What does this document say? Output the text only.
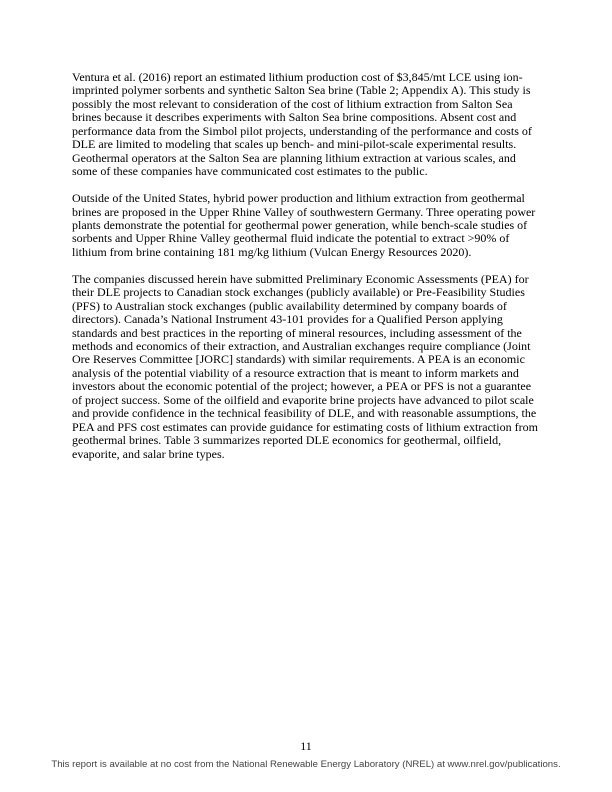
Ventura et al. (2016) report an estimated lithium production cost of $3,845/mt LCE using ion-
imprinted polymer sorbents and synthetic Salton Sea brine (Table 2; Appendix A). This study is
possibly the most relevant to consideration of the cost of lithium extraction from Salton Sea
brines because it describes experiments with Salton Sea brine compositions. Absent cost and
performance data from the Simbol pilot projects, understanding of the performance and costs of
DLE are limited to modeling that scales up bench- and mini-pilot-scale experimental results.
Geothermal operators at the Salton Sea are planning lithium extraction at various scales, and
some of these companies have communicated cost estimates to the public.

Outside of the United States, hybrid power production and lithium extraction from geothermal
brines are proposed in the Upper Rhine Valley of southwestern Germany. Three operating power
plants demonstrate the potential for geothermal power generation, while bench-scale studies of
sorbents and Upper Rhine Valley geothermal fluid indicate the potential to extract >90% of
lithium from brine containing 181 mg/kg lithium (Vulcan Energy Resources 2020).

The companies discussed herein have submitted Preliminary Economic Assessments (PEA) for
their DLE projects to Canadian stock exchanges (publicly available) or Pre-Feasibility Studies
(PFS) to Australian stock exchanges (public availability determined by company boards of
directors). Canada’s National Instrument 43-101 provides for a Qualified Person applying
standards and best practices in the reporting of mineral resources, including assessment of the
methods and economics of their extraction, and Australian exchanges require compliance (Joint
Ore Reserves Committee [JORC] standards) with similar requirements. A PEA is an economic
analysis of the potential viability of a resource extraction that is meant to inform markets and
investors about the economic potential of the project; however, a PEA or PFS is not a guarantee
of project success. Some of the oilfield and evaporite brine projects have advanced to pilot scale
and provide confidence in the technical feasibility of DLE, and with reasonable assumptions, the
PEA and PFS cost estimates can provide guidance for estimating costs of lithium extraction from
geothermal brines. Table 3 summarizes reported DLE economics for geothermal, oilfield,
evaporite, and salar brine types.

11
This report is available at no cost from the National Renewable Energy Laboratory (NREL) at www.nrel.gov/publications.
